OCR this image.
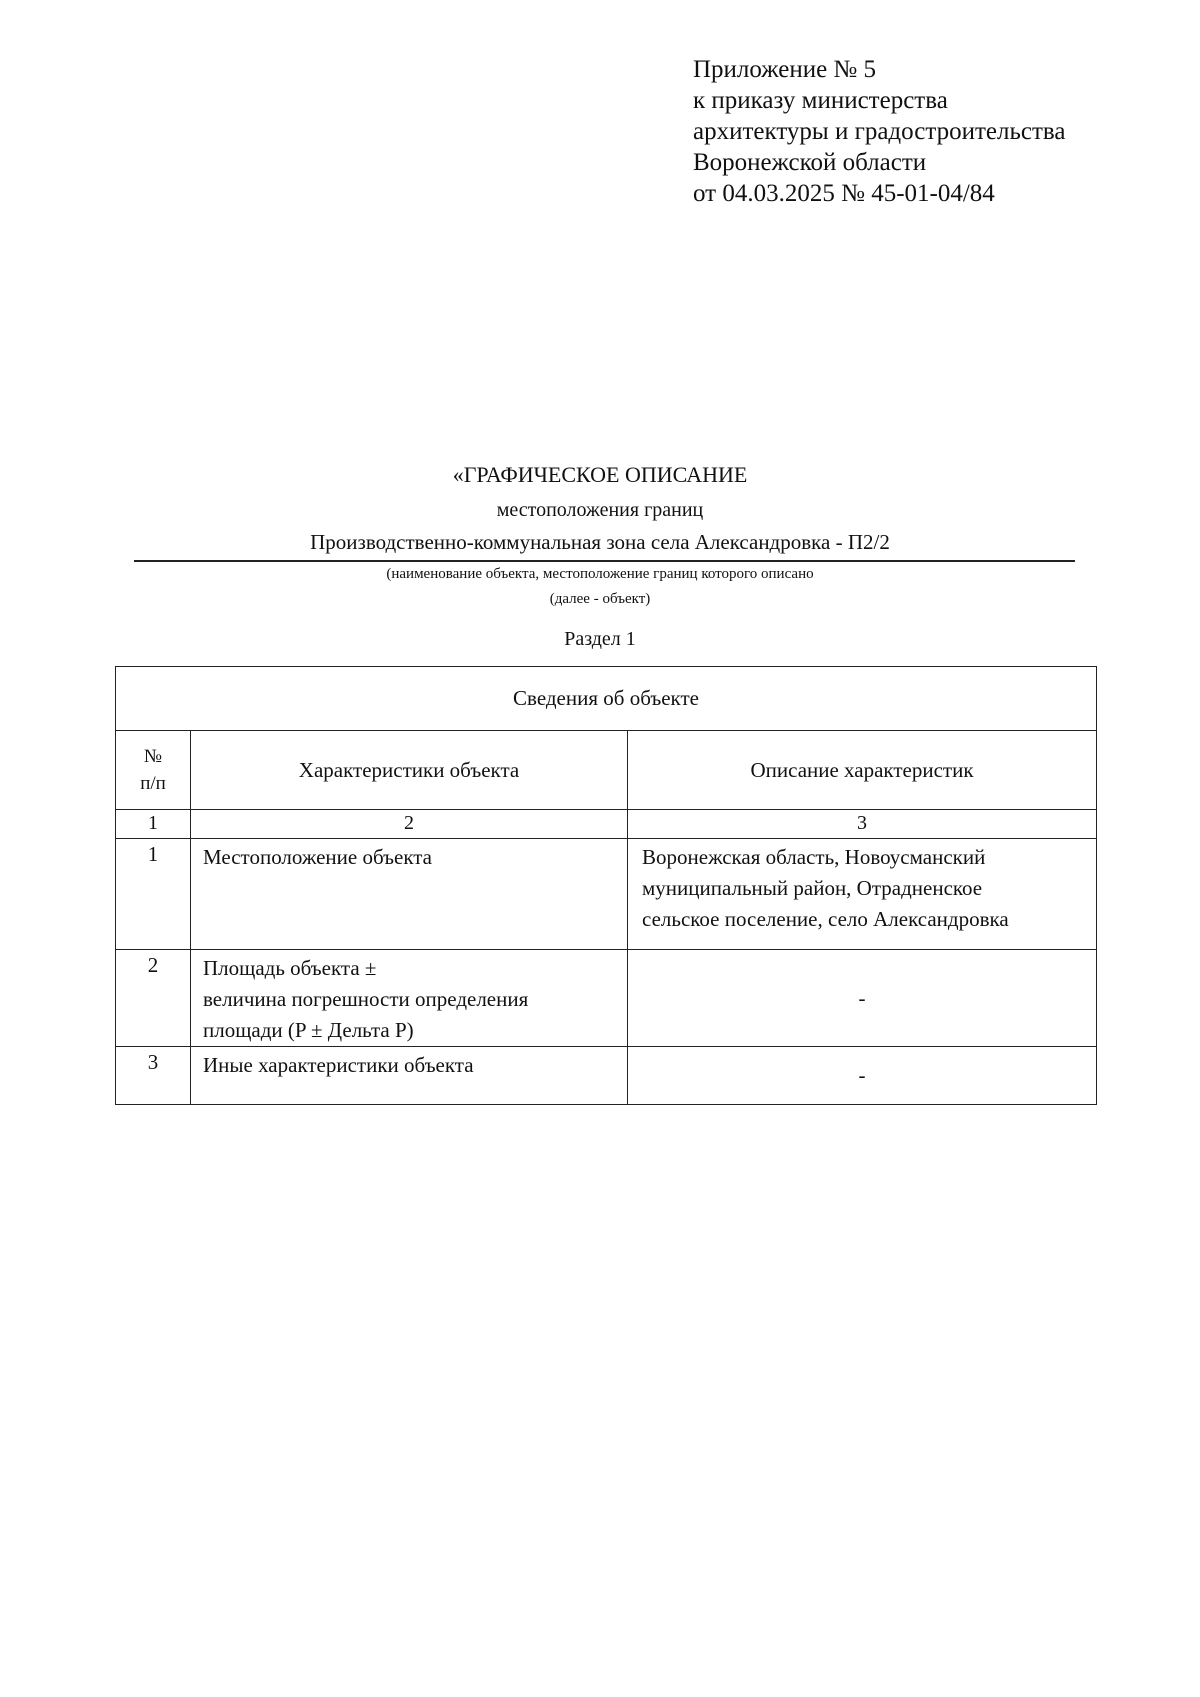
Приложение № 5
к приказу министерства
архитектуры и градостроительства
Воронежской области
от 04.03.2025 № 45-01-04/84
«ГРАФИЧЕСКОЕ ОПИСАНИЕ
местоположения границ
Производственно-коммунальная зона села Александровка - П2/2
(наименование объекта, местоположение границ которого описано
(далее - объект)
Раздел 1
Сведения об объекте		

№
п/п	Характеристики объекта	Описание характеристик
1	2	3
1	Местоположение объекта	Воронежская область, Новоусманский
муниципальный район, Отрадненское
сельское поселение, село Александровка

2	Площадь объекта ±
величина погрешности определения
площади (P ± Дельта P)	-
3	Иные характеристики объекта	-
